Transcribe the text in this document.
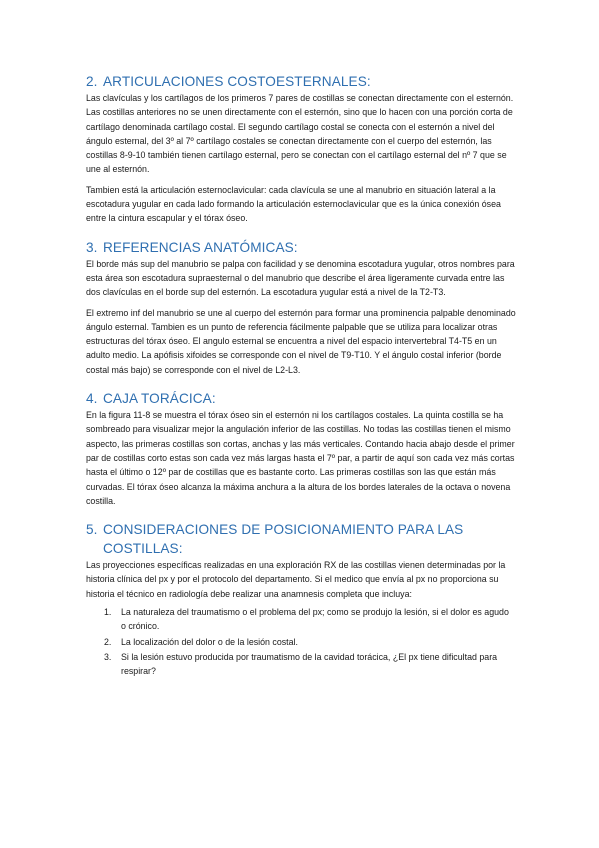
2. ARTICULACIONES COSTOESTERNALES:

Las clavículas y los cartílagos de los primeros 7 pares de costillas se conectan directamente con el esternón. Las costillas anteriores no se unen directamente con el esternón, sino que lo hacen con una porción corta de cartílago denominada cartílago costal. El segundo cartílago costal se conecta con el esternón a nivel del ángulo esternal, del 3º al 7º cartílago costales se conectan directamente con el cuerpo del esternón, las costillas 8-9-10 también tienen cartílago esternal, pero se conectan con el cartílago esternal del nº 7 que se une al esternón.

Tambien está la articulación esternoclavicular: cada clavícula se une al manubrio en situación lateral a la escotadura yugular en cada lado formando la articulación esternoclavicular que es la única conexión ósea entre la cintura escapular y el tórax óseo.

3. REFERENCIAS ANATÓMICAS:

El borde más sup del manubrio se palpa con facilidad y se denomina escotadura yugular, otros nombres para esta área son escotadura supraesternal o del manubrio que describe el área ligeramente curvada entre las dos clavículas en el borde sup del esternón. La escotadura yugular está a nivel de la T2-T3.

El extremo inf del manubrio se une al cuerpo del esternón para formar una prominencia palpable denominado ángulo esternal. Tambien es un punto de referencia fácilmente palpable que se utiliza para localizar otras estructuras del tórax óseo. El angulo esternal se encuentra a nivel del espacio intervertebral T4-T5 en un adulto medio. La apófisis xifoides se corresponde con el nivel de T9-T10. Y el ángulo costal inferior (borde costal más bajo) se corresponde con el nivel de L2-L3.

4. CAJA TORÁCICA:

En la figura 11-8 se muestra el tórax óseo sin el esternón ni los cartílagos costales. La quinta costilla se ha sombreado para visualizar mejor la angulación inferior de las costillas. No todas las costillas tienen el mismo aspecto, las primeras costillas son cortas, anchas y las más verticales. Contando hacia abajo desde el primer par de costillas corto estas son cada vez más largas hasta el 7º par, a partir de aquí son cada vez más cortas hasta el último o 12º par de costillas que es bastante corto. Las primeras costillas son las que están más curvadas. El tórax óseo alcanza la máxima anchura a la altura de los bordes laterales de la octava o novena costilla.

5. CONSIDERACIONES DE POSICIONAMIENTO PARA LAS
COSTILLAS:

Las proyecciones específicas realizadas en una exploración RX de las costillas vienen determinadas por la historia clínica del px y por el protocolo del departamento. Si el medico que envía al px no proporciona su historia el técnico en radiología debe realizar una anamnesis completa que incluya:

1. La naturaleza del traumatismo o el problema del px; como se produjo la lesión, si el dolor es agudo o crónico.
2. La localización del dolor o de la lesión costal.
3. Si la lesión estuvo producida por traumatismo de la cavidad torácica, ¿El px tiene dificultad para respirar?
